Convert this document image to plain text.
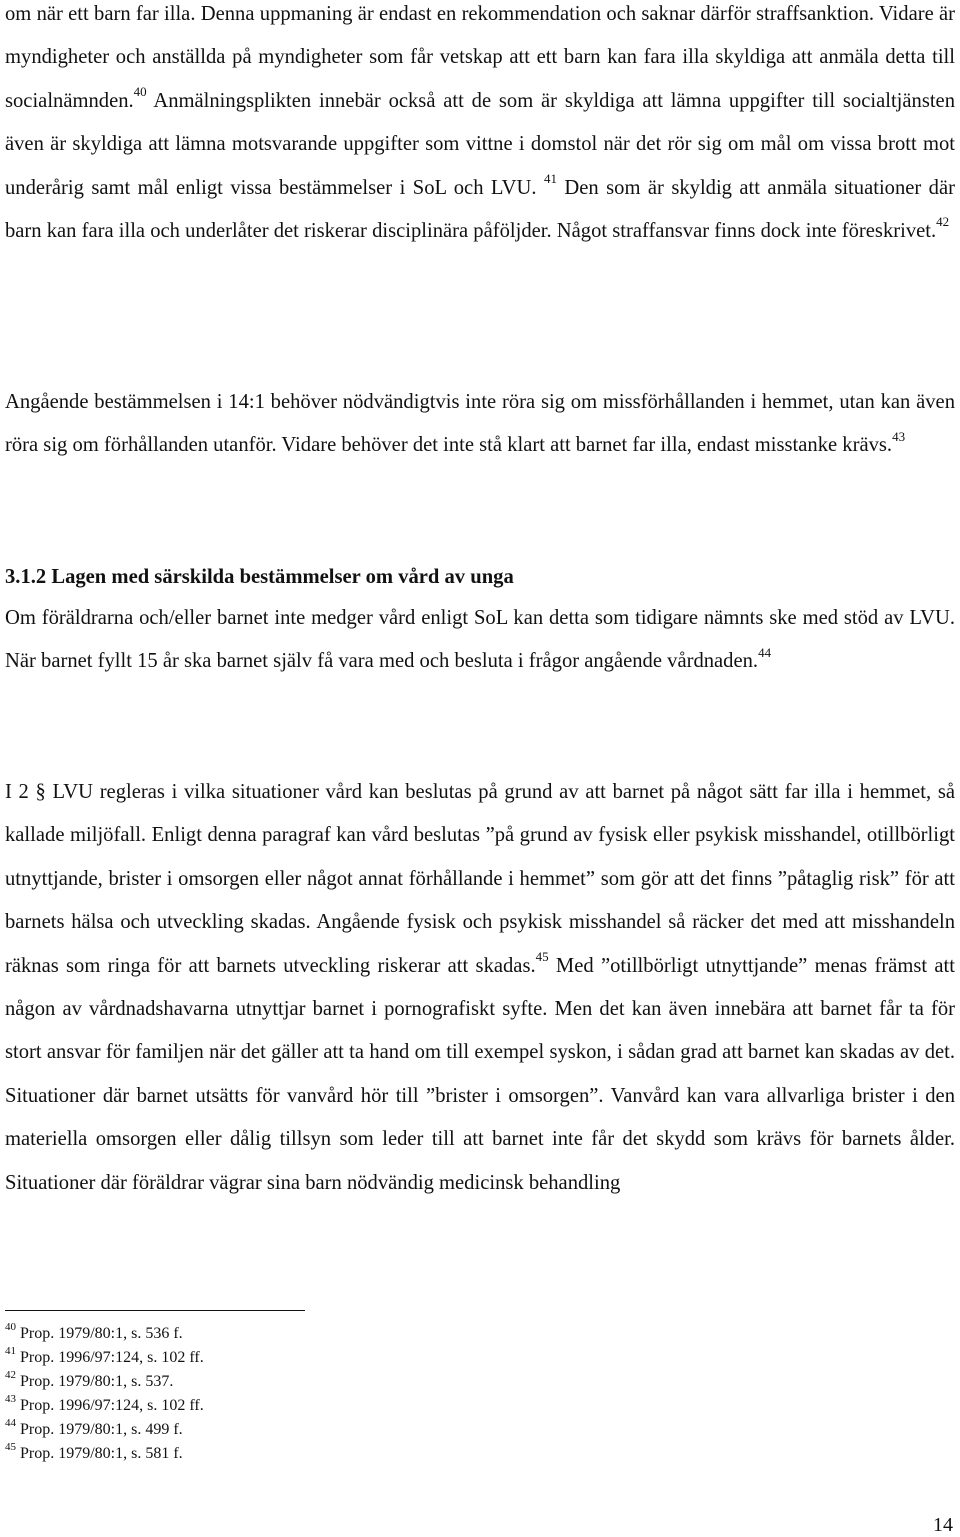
om när ett barn far illa. Denna uppmaning är endast en rekommendation och saknar därför straffsanktion. Vidare är myndigheter och anställda på myndigheter som får vetskap att ett barn kan fara illa skyldiga att anmäla detta till socialnämnden.$^{40}$ Anmälningsplikten innebär också att de som är skyldiga att lämna uppgifter till socialtjänsten även är skyldiga att lämna motsvarande uppgifter som vittne i domstol när det rör sig om mål om vissa brott mot underårig samt mål enligt vissa bestämmelser i SoL och LVU. $^{41}$ Den som är skyldig att anmäla situationer där barn kan fara illa och underlåter det riskerar disciplinära påföljder. Något straffansvar finns dock inte föreskrivet.$^{42}$

Angående bestämmelsen i 14:1 behöver nödvändigtvis inte röra sig om missförhållanden i hemmet, utan kan även röra sig om förhållanden utanför. Vidare behöver det inte stå klart att barnet far illa, endast misstanke krävs.$^{43}$

3.1.2 Lagen med särskilda bestämmelser om vård av unga

Om föräldrarna och/eller barnet inte medger vård enligt SoL kan detta som tidigare nämnts ske med stöd av LVU. När barnet fyllt 15 år ska barnet själv få vara med och besluta i frågor angående vårdnaden.$^{44}$

I 2 § LVU regleras i vilka situationer vård kan beslutas på grund av att barnet på något sätt far illa i hemmet, så kallade miljöfall. Enligt denna paragraf kan vård beslutas ”på grund av fysisk eller psykisk misshandel, otillbörligt utnyttjande, brister i omsorgen eller något annat förhållande i hemmet” som gör att det finns ”påtaglig risk” för att barnets hälsa och utveckling skadas. Angående fysisk och psykisk misshandel så räcker det med att misshandeln räknas som ringa för att barnets utveckling riskerar att skadas.$^{45}$ Med ”otillbörligt utnyttjande” menas främst att någon av vårdnadshavarna utnyttjar barnet i pornografiskt syfte. Men det kan även innebära att barnet får ta för stort ansvar för familjen när det gäller att ta hand om till exempel syskon, i sådan grad att barnet kan skadas av det. Situationer där barnet utsätts för vanvård hör till ”brister i omsorgen”. Vanvård kan vara allvarliga brister i den materiella omsorgen eller dålig tillsyn som leder till att barnet inte får det skydd som krävs för barnets ålder. Situationer där föräldrar vägrar sina barn nödvändig medicinsk behandling

$^{40}$ Prop. 1979/80:1, s. 536 f.
$^{41}$ Prop. 1996/97:124, s. 102 ff.
$^{42}$ Prop. 1979/80:1, s. 537.
$^{43}$ Prop. 1996/97:124, s. 102 ff.
$^{44}$ Prop. 1979/80:1, s. 499 f.
$^{45}$ Prop. 1979/80:1, s. 581 f.
14
